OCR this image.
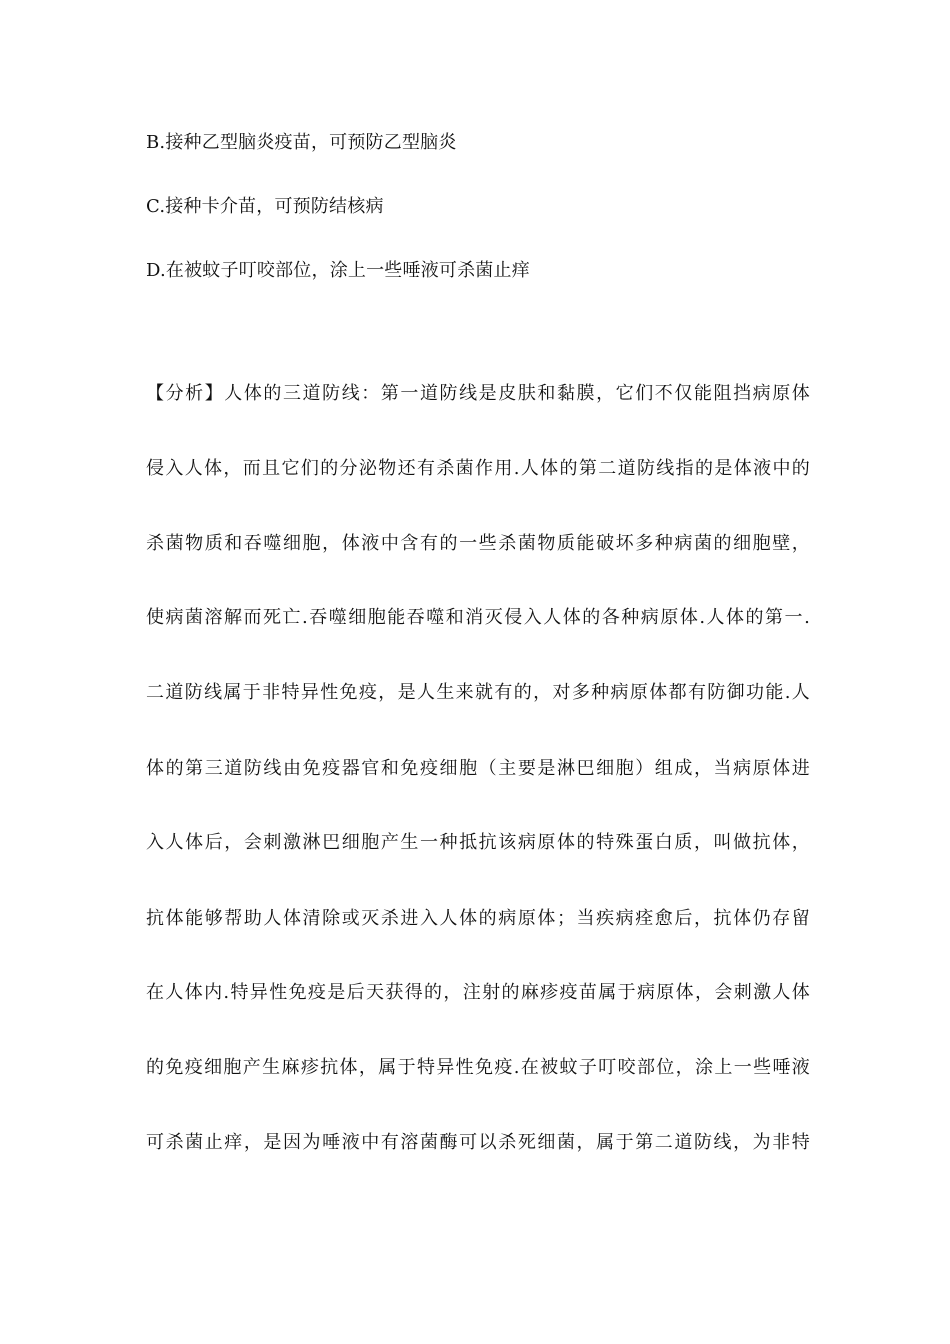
B.接种乙型脑炎疫苗，可预防乙型脑炎
C.接种卡介苗，可预防结核病
D.在被蚊子叮咬部位，涂上一些唾液可杀菌止痒
【分析】人体的三道防线：第一道防线是皮肤和黏膜，它们不仅能阻挡病原体
侵入人体，而且它们的分泌物还有杀菌作用.人体的第二道防线指的是体液中的
杀菌物质和吞噬细胞，体液中含有的一些杀菌物质能破坏多种病菌的细胞壁，
使病菌溶解而死亡.吞噬细胞能吞噬和消灭侵入人体的各种病原体.人体的第一.
二道防线属于非特异性免疫，是人生来就有的，对多种病原体都有防御功能.人
体的第三道防线由免疫器官和免疫细胞（主要是淋巴细胞）组成，当病原体进
入人体后，会刺激淋巴细胞产生一种抵抗该病原体的特殊蛋白质，叫做抗体，
抗体能够帮助人体清除或灭杀进入人体的病原体；当疾病痊愈后，抗体仍存留
在人体内.特异性免疫是后天获得的，注射的麻疹疫苗属于病原体，会刺激人体
的免疫细胞产生麻疹抗体，属于特异性免疫.在被蚊子叮咬部位，涂上一些唾液
可杀菌止痒，是因为唾液中有溶菌酶可以杀死细菌，属于第二道防线，为非特
